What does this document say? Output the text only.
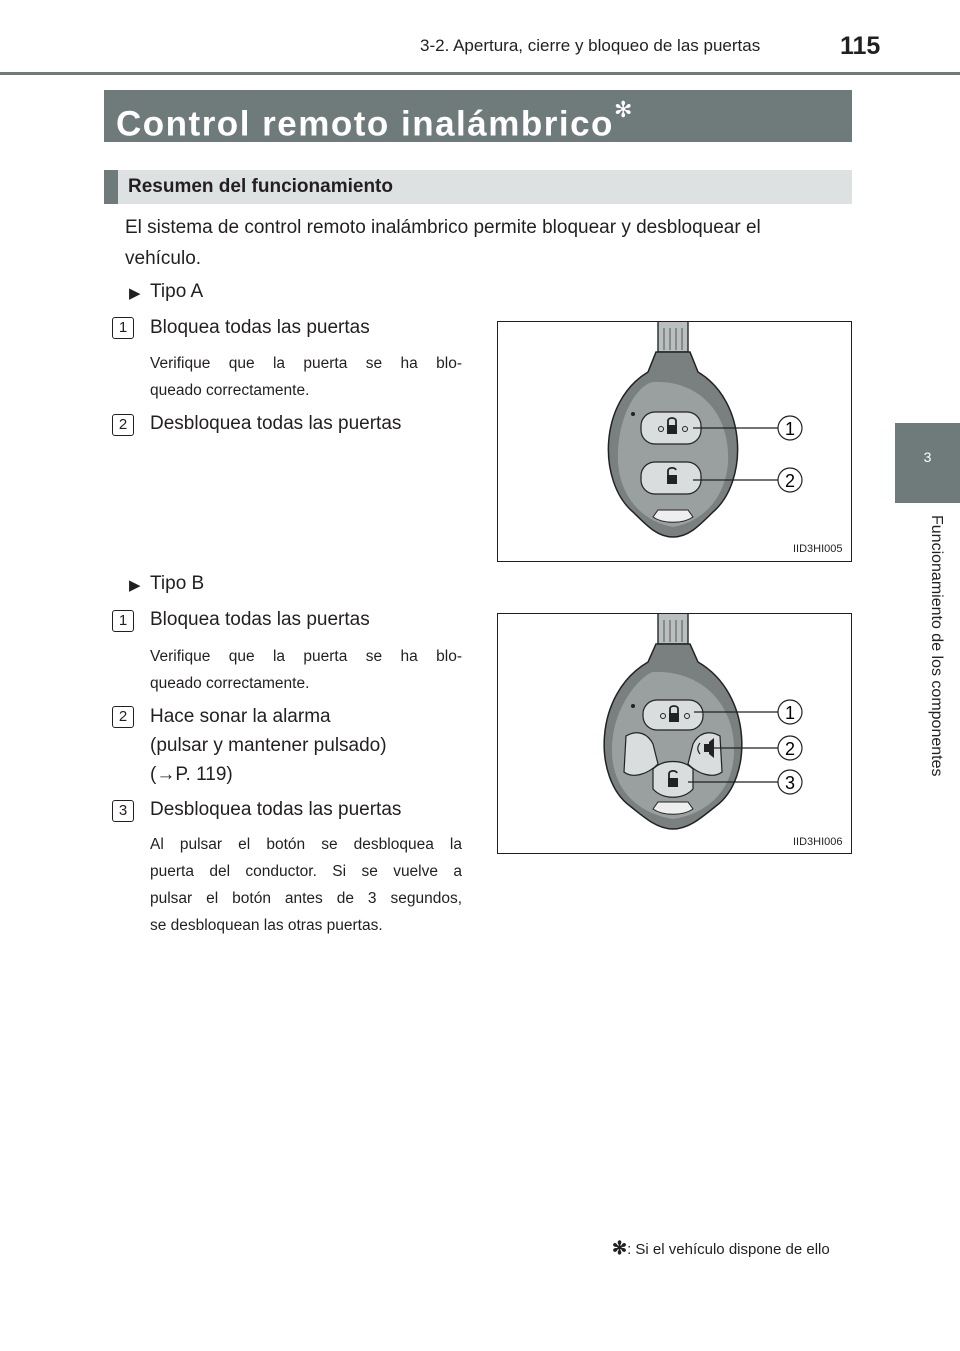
3-2. Apertura, cierre y bloqueo de las puertas	115
3
Funcionamiento de los componentes
Control remoto inalámbrico✻
Resumen del funcionamiento
El sistema de control remoto inalámbrico permite bloquear y desbloquear el
vehículo.
▶ Tipo A
1	Bloquea todas las puertas
Verifique que la puerta se ha blo-
queado correctamente.
2	Desbloquea todas las puertas	1
2
IID3HI005
▶ Tipo B
1	Bloquea todas las puertas
Verifique que la puerta se ha blo-
queado correctamente.
2	Hace sonar la alarma
(pulsar y mantener pulsado)
(→P. 119)
3	Desbloquea todas las puertas
Al pulsar el botón se desbloquea la
puerta del conductor. Si se vuelve a
pulsar el botón antes de 3 segundos,
se desbloquean las otras puertas.
1
2
3
IID3HI006
✻: Si el vehículo dispone de ello
